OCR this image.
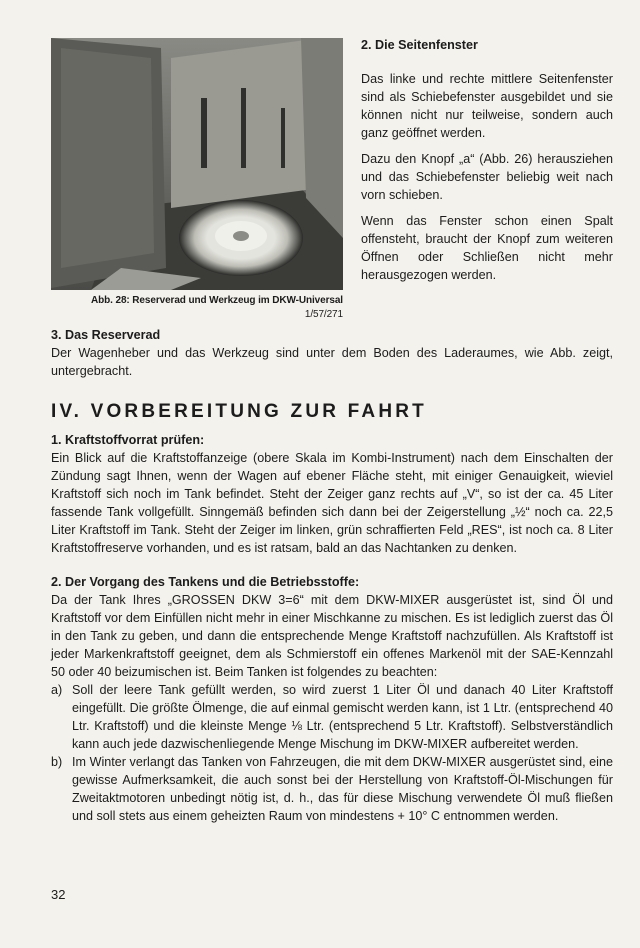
Abb. 28: Reserverad und Werkzeug im DKW-Universal
1/57/271
2. Die Seitenfenster

Das linke und rechte mittlere Seitenfenster sind als Schiebefenster ausgebildet und sie können nicht nur teilweise, sondern auch ganz geöffnet werden.

Dazu den Knopf „a“ (Abb. 26) herausziehen und das Schiebefenster beliebig weit nach vorn schieben.

Wenn das Fenster schon einen Spalt offensteht, braucht der Knopf zum weiteren Öffnen oder Schließen nicht mehr herausgezogen werden.

3. Das Reserverad

Der Wagenheber und das Werkzeug sind unter dem Boden des Laderaumes, wie Abb. zeigt, untergebracht.

IV. VORBEREITUNG ZUR FAHRT
1. Kraftstoffvorrat prüfen:

Ein Blick auf die Kraftstoffanzeige (obere Skala im Kombi-Instrument) nach dem Einschalten der Zündung sagt Ihnen, wenn der Wagen auf ebener Fläche steht, mit einiger Genauigkeit, wieviel Kraftstoff sich noch im Tank befindet. Steht der Zeiger ganz rechts auf „V“, so ist der ca. 45 Liter fassende Tank vollgefüllt. Sinngemäß befinden sich dann bei der Zeigerstellung „½“ noch ca. 22,5 Liter Kraftstoff im Tank. Steht der Zeiger im linken, grün schraffierten Feld „RES“, ist noch ca. 8 Liter Kraftstoffreserve vorhanden, und es ist ratsam, bald an das Nachtanken zu denken.

2. Der Vorgang des Tankens und die Betriebsstoffe:

Da der Tank Ihres „GROSSEN DKW 3=6“ mit dem DKW-MIXER ausgerüstet ist, sind Öl und Kraftstoff vor dem Einfüllen nicht mehr in einer Mischkanne zu mischen. Es ist lediglich zuerst das Öl in den Tank zu geben, und dann die entsprechende Menge Kraftstoff nachzufüllen. Als Kraftstoff ist jeder Markenkraftstoff geeignet, dem als Schmierstoff ein offenes Markenöl mit der SAE-Kennzahl 50 oder 40 beizumischen ist. Beim Tanken ist folgendes zu beachten:

a) Soll der leere Tank gefüllt werden, so wird zuerst 1 Liter Öl und danach 40 Liter Kraftstoff eingefüllt. Die größte Ölmenge, die auf einmal gemischt werden kann, ist 1 Ltr. (entsprechend 40 Ltr. Kraftstoff) und die kleinste Menge ⅛ Ltr. (entsprechend 5 Ltr. Kraftstoff). Selbstverständlich kann auch jede dazwischenliegende Menge Mischung im DKW-MIXER aufbereitet werden.
b) Im Winter verlangt das Tanken von Fahrzeugen, die mit dem DKW-MIXER ausgerüstet sind, eine gewisse Aufmerksamkeit, die auch sonst bei der Herstellung von Kraftstoff-Öl-Mischungen für Zweitaktmotoren unbedingt nötig ist, d. h., das für diese Mischung verwendete Öl muß fließen und soll stets aus einem geheizten Raum von mindestens + 10° C entnommen werden.
32
